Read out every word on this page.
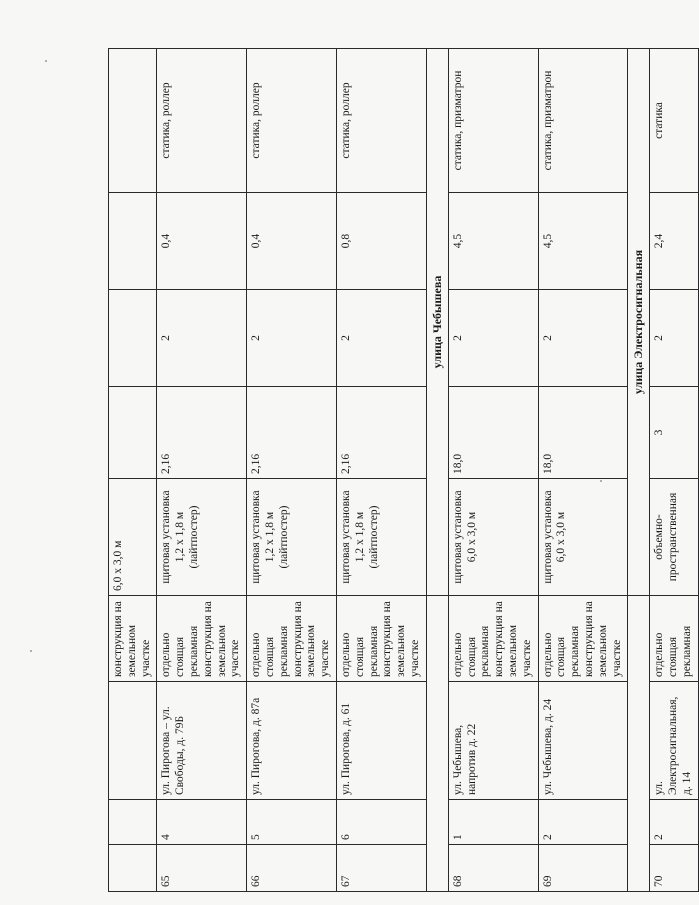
			конструкция на земельном участке	6,0 х 3,0 м				
65	4	ул. Пирогова – ул. Свободы, д. 79Б	отдельно стоящая рекламная конструкция на земельном участке	щитовая установка 1,2 х 1,8 м (лайтпостер)	2,16	2	0,4	статика, роллер
66	5	ул. Пирогова, д. 87а	отдельно стоящая рекламная конструкция на земельном участке	щитовая установка 1,2 х 1,8 м (лайтпостер)	2,16	2	0,4	статика, роллер
67	6	ул. Пирогова, д. 61	отдельно стоящая рекламная конструкция на земельном участке	щитовая установка 1,2 х 1,8 м (лайтпостер)	2,16	2	0,8	статика, роллер
				улица Чебышева				
68	1	ул. Чебышева, напротив д. 22	отдельно стоящая рекламная конструкция на земельном участке	щитовая установка 6,0 х 3,0 м	18,0	2	4,5	статика, призматрон
69	2	ул. Чебышева, д. 24	отдельно стоящая рекламная конструкция на земельном участке	щитовая установка 6,0 х 3,0 м	18,0	2	4,5	статика, призматрон
				улица Электросигнальная				
70	2	ул. Электросигнальная, д. 14	отдельно стоящая рекламная	объемно-пространственная	3	2	2,4	статика
